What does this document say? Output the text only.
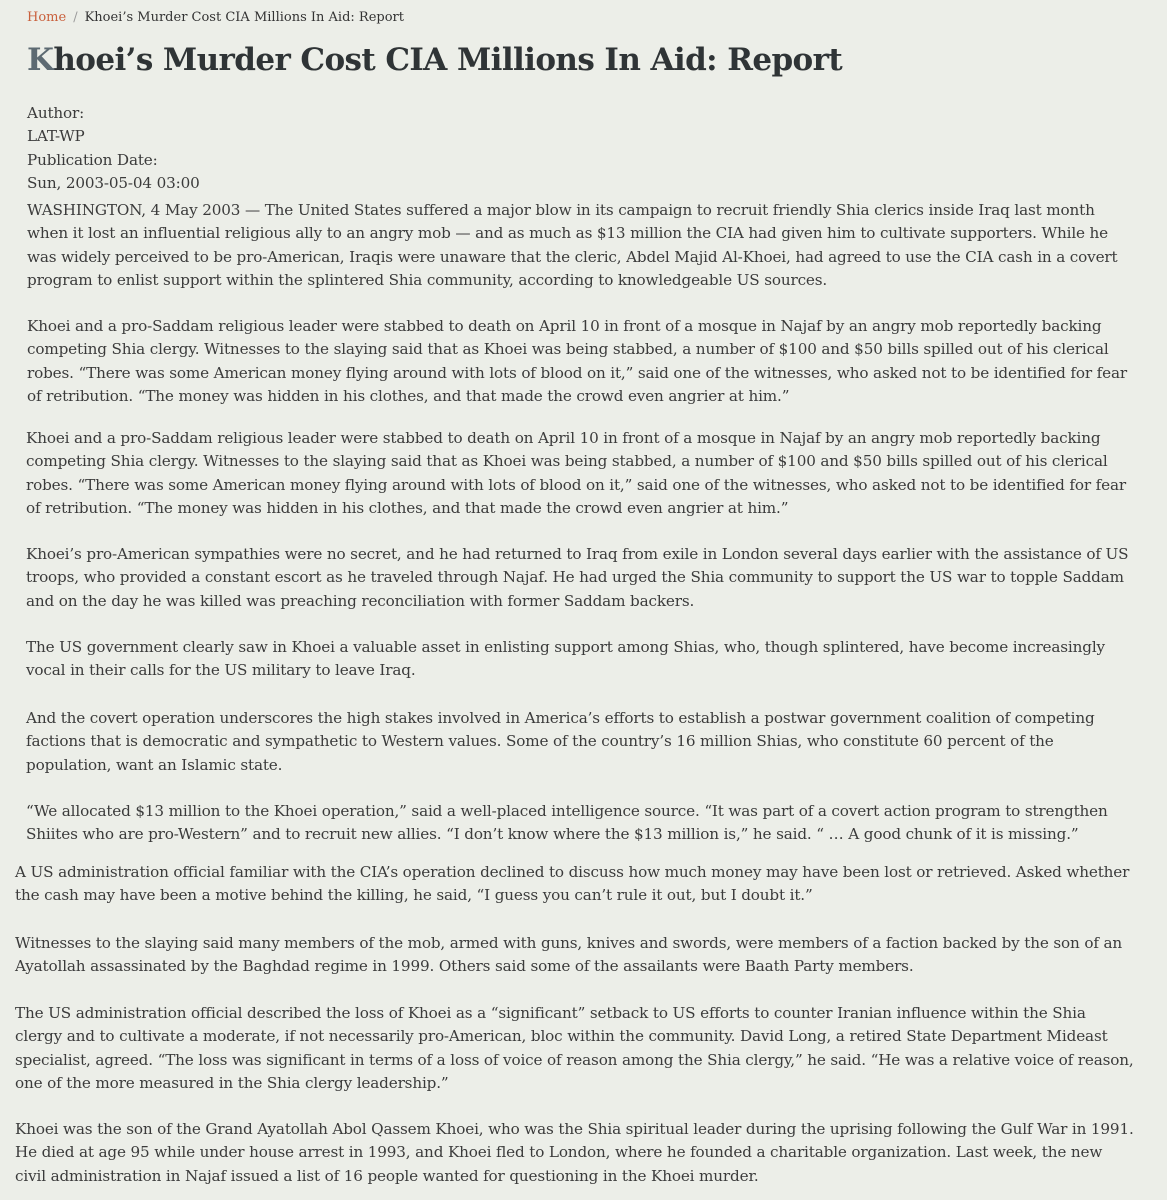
Home / Khoei’s Murder Cost CIA Millions In Aid: Report
Khoei’s Murder Cost CIA Millions In Aid: Report
Author:
LAT-WP
Publication Date:
Sun, 2003-05-04 03:00

WASHINGTON, 4 May 2003 — The United States suffered a major blow in its campaign to recruit friendly Shia clerics inside Iraq last month when it lost an influential religious ally to an angry mob — and as much as $13 million the CIA had given him to cultivate supporters. While he was widely perceived to be pro-American, Iraqis were unaware that the cleric, Abdel Majid Al-Khoei, had agreed to use the CIA cash in a covert program to enlist support within the splintered Shia community, according to knowledgeable US sources.

Khoei and a pro-Saddam religious leader were stabbed to death on April 10 in front of a mosque in Najaf by an angry mob reportedly backing competing Shia clergy. Witnesses to the slaying said that as Khoei was being stabbed, a number of $100 and $50 bills spilled out of his clerical robes. “There was some American money flying around with lots of blood on it,” said one of the witnesses, who asked not to be identified for fear of retribution. “The money was hidden in his clothes, and that made the crowd even angrier at him.”

Khoei and a pro-Saddam religious leader were stabbed to death on April 10 in front of a mosque in Najaf by an angry mob reportedly backing competing Shia clergy. Witnesses to the slaying said that as Khoei was being stabbed, a number of $100 and $50 bills spilled out of his clerical robes. “There was some American money flying around with lots of blood on it,” said one of the witnesses, who asked not to be identified for fear of retribution. “The money was hidden in his clothes, and that made the crowd even angrier at him.”

Khoei’s pro-American sympathies were no secret, and he had returned to Iraq from exile in London several days earlier with the assistance of US troops, who provided a constant escort as he traveled through Najaf. He had urged the Shia community to support the US war to topple Saddam and on the day he was killed was preaching reconciliation with former Saddam backers.

The US government clearly saw in Khoei a valuable asset in enlisting support among Shias, who, though splintered, have become increasingly vocal in their calls for the US military to leave Iraq.

And the covert operation underscores the high stakes involved in America’s efforts to establish a postwar government coalition of competing factions that is democratic and sympathetic to Western values. Some of the country’s 16 million Shias, who constitute 60 percent of the population, want an Islamic state.

“We allocated $13 million to the Khoei operation,” said a well-placed intelligence source. “It was part of a covert action program to strengthen Shiites who are pro-Western” and to recruit new allies. “I don’t know where the $13 million is,” he said. “ … A good chunk of it is missing.”

A US administration official familiar with the CIA’s operation declined to discuss how much money may have been lost or retrieved. Asked whether the cash may have been a motive behind the killing, he said, “I guess you can’t rule it out, but I doubt it.”

Witnesses to the slaying said many members of the mob, armed with guns, knives and swords, were members of a faction backed by the son of an Ayatollah assassinated by the Baghdad regime in 1999. Others said some of the assailants were Baath Party members.

The US administration official described the loss of Khoei as a “significant” setback to US efforts to counter Iranian influence within the Shia clergy and to cultivate a moderate, if not necessarily pro-American, bloc within the community. David Long, a retired State Department Mideast specialist, agreed. “The loss was significant in terms of a loss of voice of reason among the Shia clergy,” he said. “He was a relative voice of reason, one of the more measured in the Shia clergy leadership.”

Khoei was the son of the Grand Ayatollah Abol Qassem Khoei, who was the Shia spiritual leader during the uprising following the Gulf War in 1991. He died at age 95 while under house arrest in 1993, and Khoei fled to London, where he founded a charitable organization. Last week, the new civil administration in Najaf issued a list of 16 people wanted for questioning in the Khoei murder.
